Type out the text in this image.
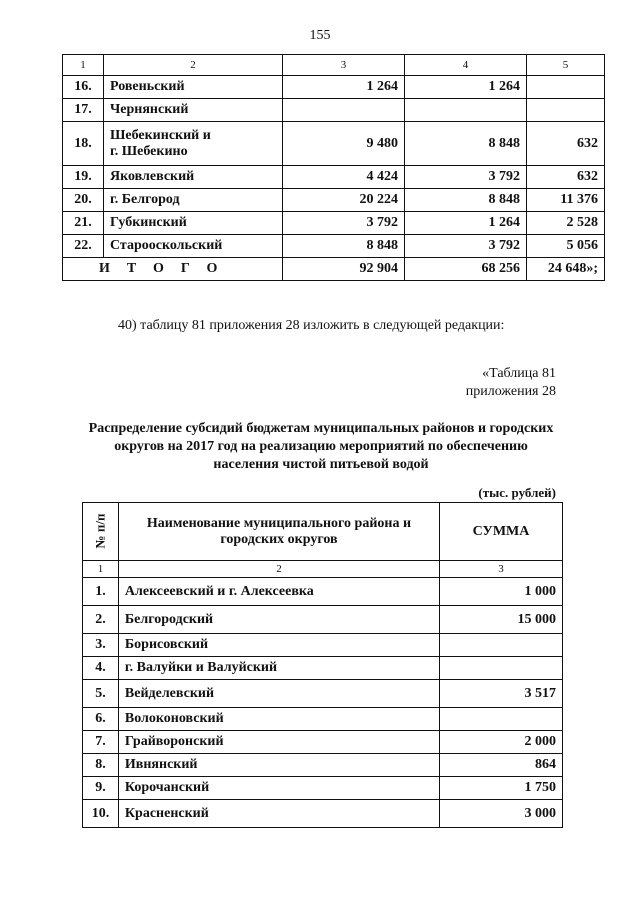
155
1	2	3	4	5
16.	Ровеньский	1 264	1 264	
17.	Чернянский			
18.	Шебекинский и
г. Шебекино	9 480	8 848	632
19.	Яковлевский	4 424	3 792	632
20.	г. Белгород	20 224	8 848	11 376
21.	Губкинский	3 792	1 264	2 528
22.	Старооскольский	8 848	3 792	5 056
ИТОГО		92 904	68 256	24 648»;
40) таблицу 81 приложения 28 изложить в следующей редакции:
«Таблица 81
приложения 28
Распределение субсидий бюджетам муниципальных районов и городских округов на 2017 год на реализацию мероприятий по обеспечению населения чистой питьевой водой
(тыс. рублей)
№ п/п	Наименование муниципального района и городских округов	СУММА
1	2	3
1.	Алексеевский и г. Алексеевка	1 000
2.	Белгородский	15 000
3.	Борисовский	
4.	г. Валуйки и Валуйский	
5.	Вейделевский	3 517
6.	Волоконовский	
7.	Грайворонский	2 000
8.	Ивнянский	864
9.	Корочанский	1 750
10.	Красненский	3 000
